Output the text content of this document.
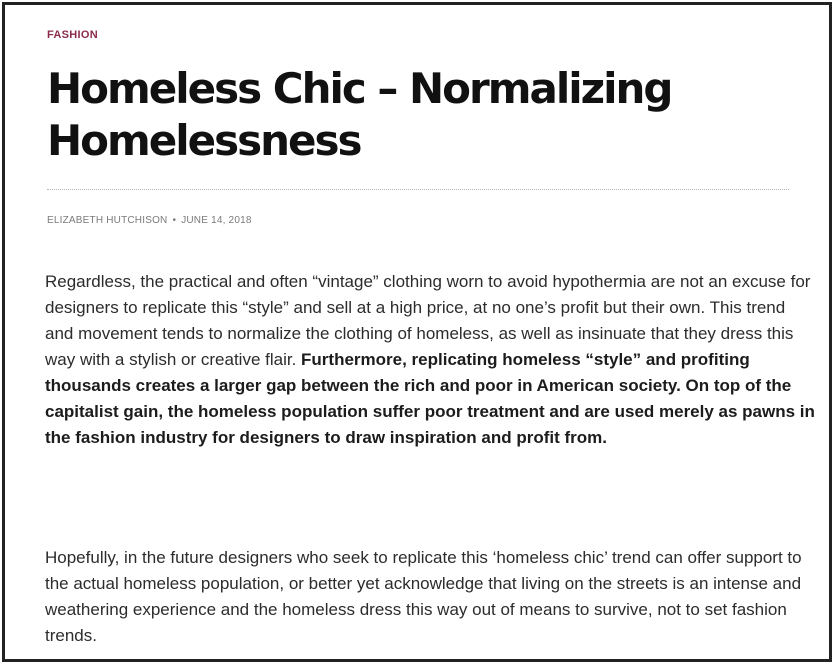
FASHION
Homeless Chic – Normalizing Homelessness
ELIZABETH HUTCHISON • JUNE 14, 2018

Regardless, the practical and often “vintage” clothing worn to avoid hypothermia are not an excuse for designers to replicate this “style” and sell at a high price, at no one’s profit but their own. This trend and movement tends to normalize the clothing of homeless, as well as insinuate that they dress this way with a stylish or creative flair. Furthermore, replicating homeless “style” and profiting thousands creates a larger gap between the rich and poor in American society. On top of the capitalist gain, the homeless population suffer poor treatment and are used merely as pawns in the fashion industry for designers to draw inspiration and profit from.

Hopefully, in the future designers who seek to replicate this ‘homeless chic’ trend can offer support to the actual homeless population, or better yet acknowledge that living on the streets is an intense and weathering experience and the homeless dress this way out of means to survive, not to set fashion trends.
